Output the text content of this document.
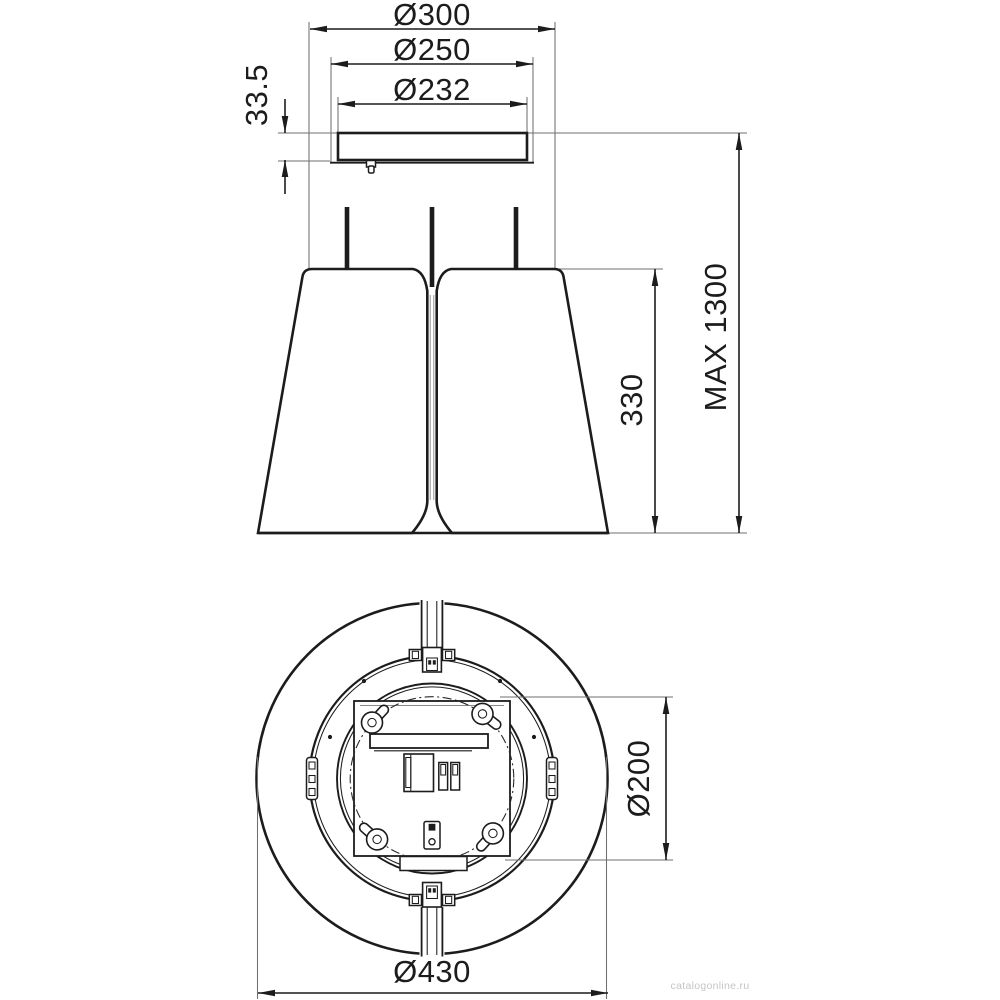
Ø300
Ø250
Ø232
33.5
MAX 1300
330
Ø200
Ø430	catalogonline.ru
